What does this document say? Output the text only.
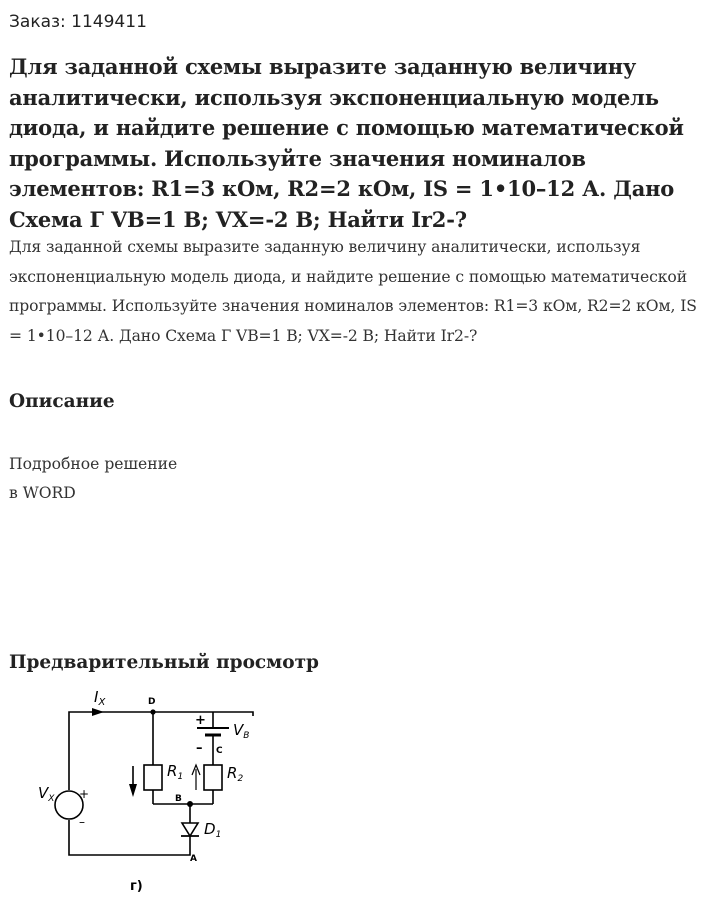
Заказ: 1149411

Для заданной схемы выразите заданную величину аналитически, используя экспоненциальную модель диода, и найдите решение с помощью математической программы. Используйте значения номиналов элементов: R1=3 кОм, R2=2 кОм, IS = 1•10–12 А. Дано Схема Г VB=1 В; VX=-2 В; Найти Ir2-?

Для заданной схемы выразите заданную величину аналитически, используя экспоненциальную модель диода, и найдите решение с помощью математической программы. Используйте значения номиналов элементов: R1=3 кОм, R2=2 кОм, IS = 1•10–12 А. Дано Схема Г VB=1 В; VX=-2 В; Найти Ir2-?

Описание

Подробное решение

в WORD

Предварительный просмотр
$I_X$	D
+
–
$V_B$
C
$R_1$	$R_2$
B
$V_X$ +
–	$D_1$
A
г)
